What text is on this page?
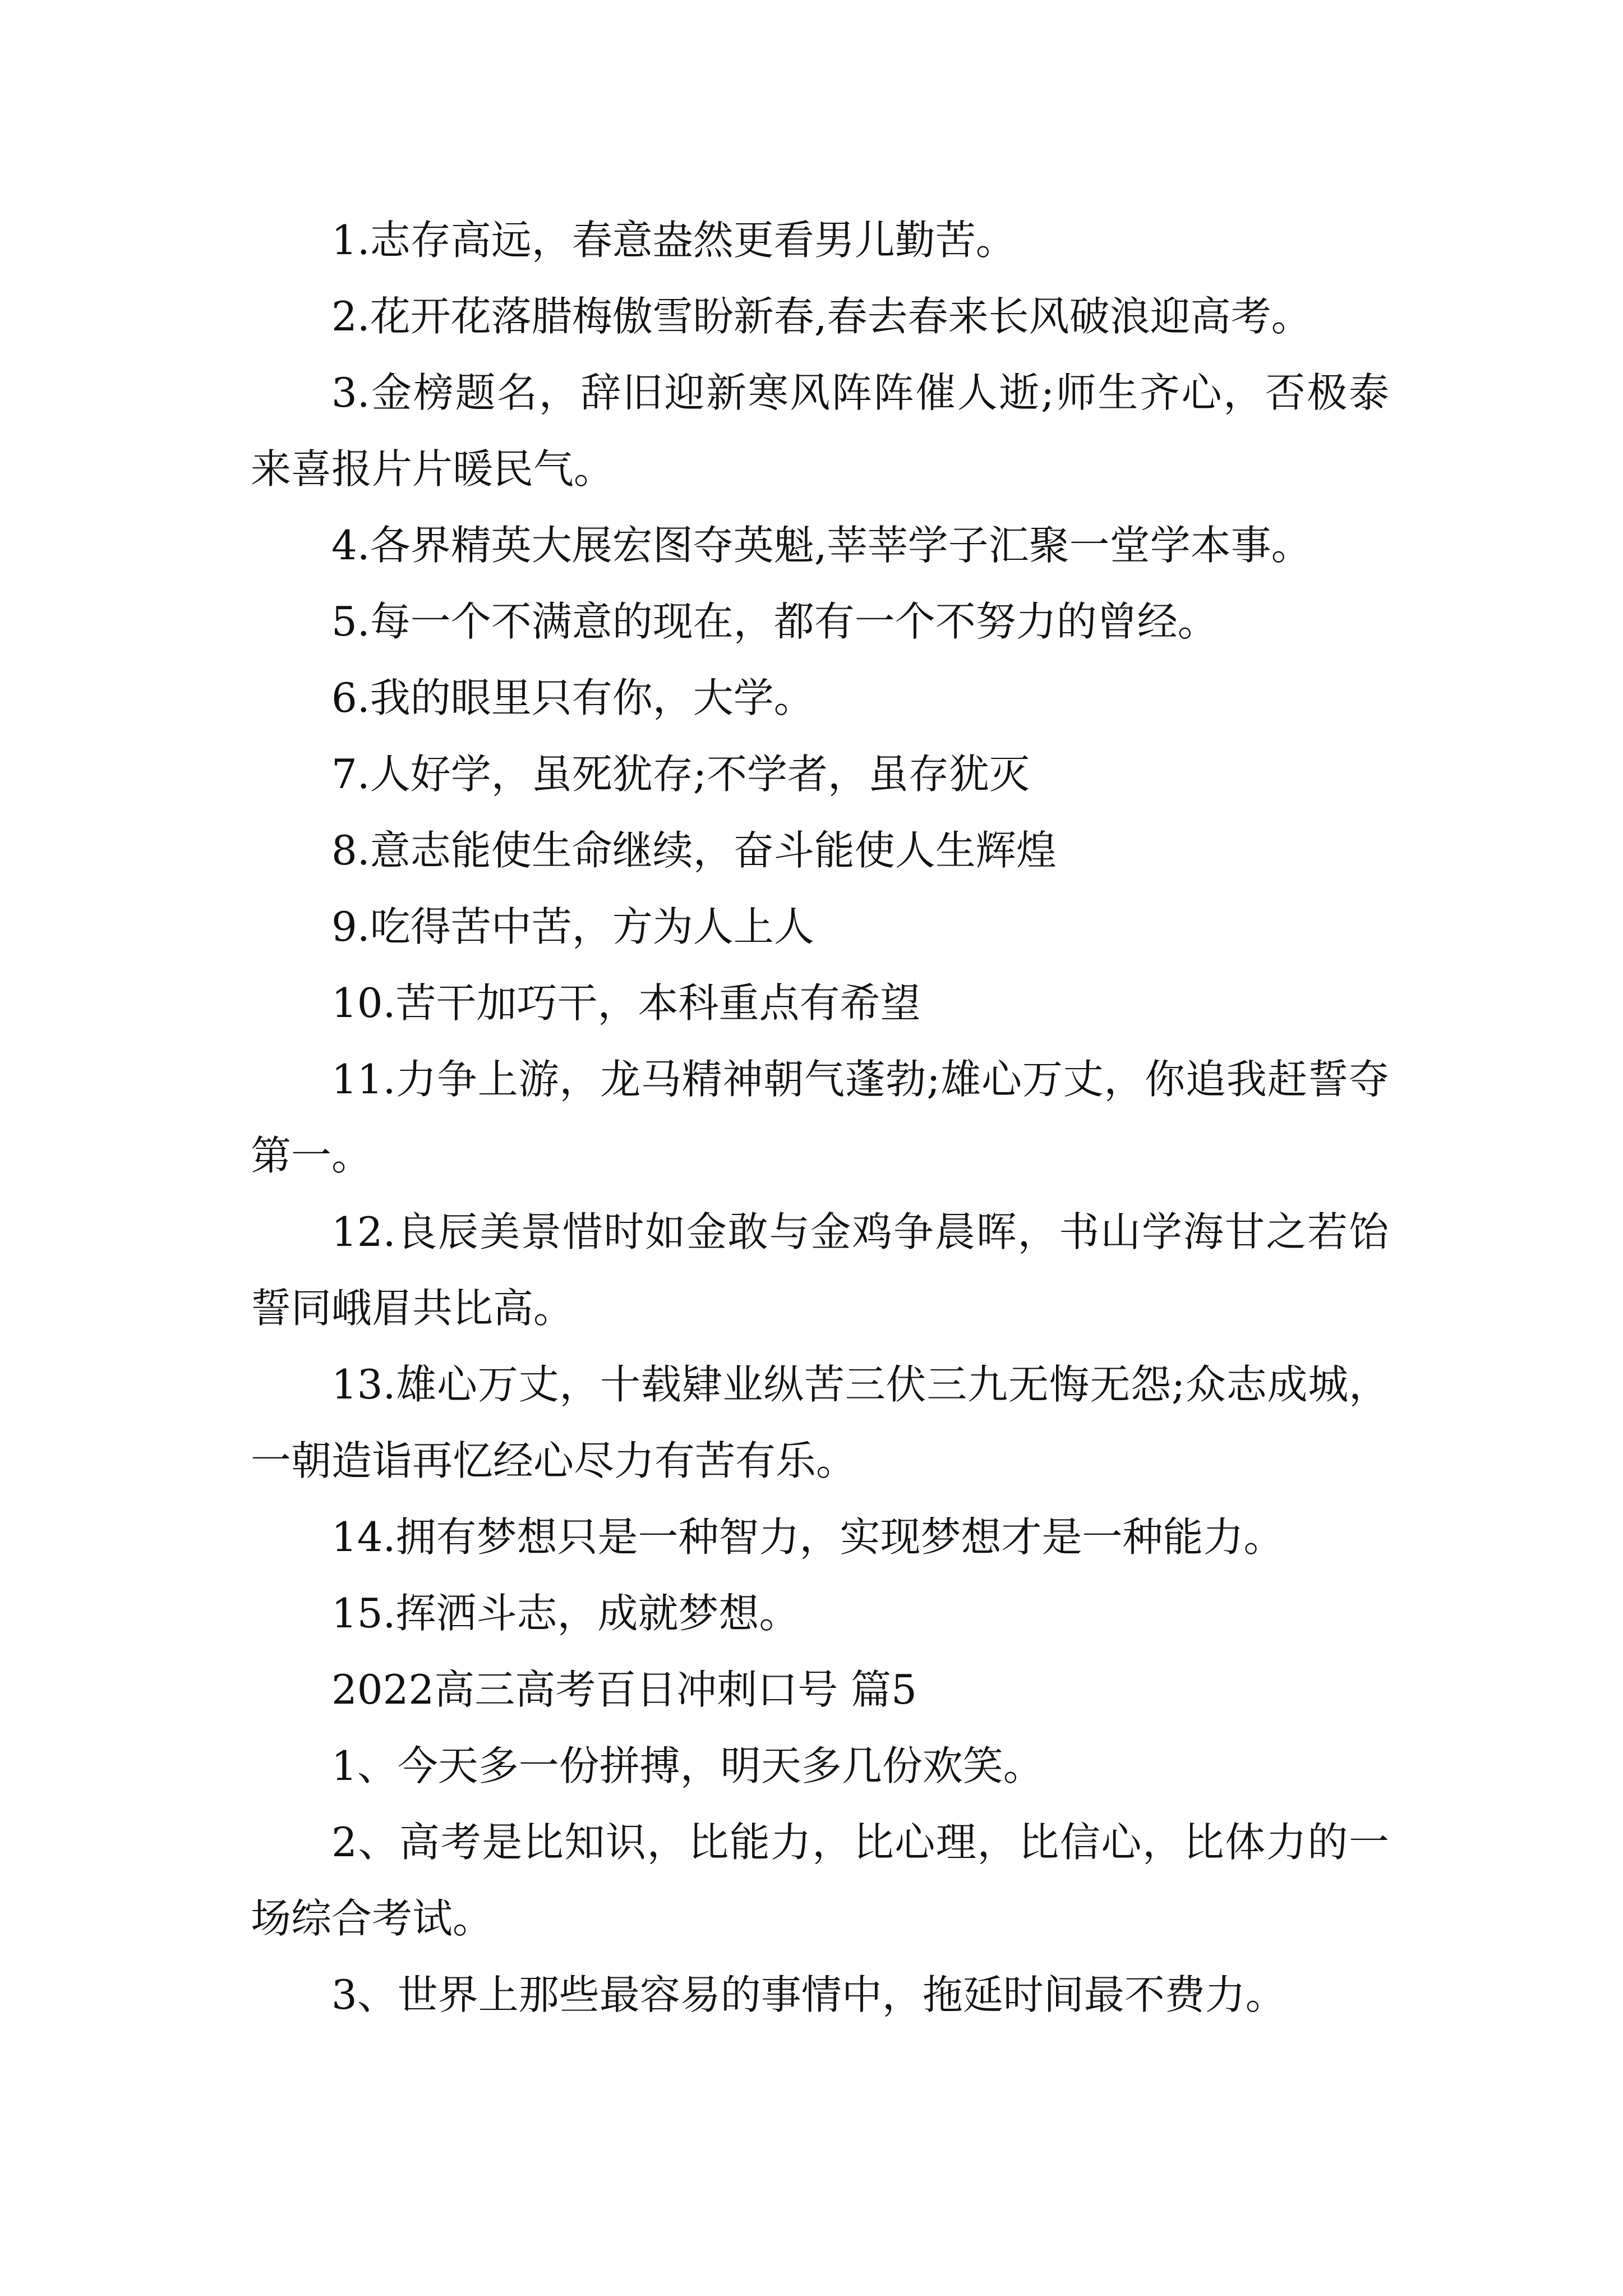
1.志存高远，春意盎然更看男儿勤苦。

2.花开花落腊梅傲雪盼新春,春去春来长风破浪迎高考。

3.金榜题名，辞旧迎新寒风阵阵催人逝;师生齐心，否极泰来喜报片片暖民气。

4.各界精英大展宏图夺英魁,莘莘学子汇聚一堂学本事。

5.每一个不满意的现在，都有一个不努力的曾经。

6.我的眼里只有你，大学。

7.人好学，虽死犹存;不学者，虽存犹灭

8.意志能使生命继续，奋斗能使人生辉煌

9.吃得苦中苦，方为人上人

10.苦干加巧干，本科重点有希望

11.力争上游，龙马精神朝气蓬勃;雄心万丈，你追我赶誓夺第一。

12.良辰美景惜时如金敢与金鸡争晨晖，书山学海甘之若饴誓同峨眉共比高。

13.雄心万丈，十载肄业纵苦三伏三九无悔无怨;众志成城，一朝造诣再忆经心尽力有苦有乐。

14.拥有梦想只是一种智力，实现梦想才是一种能力。

15.挥洒斗志，成就梦想。

2022高三高考百日冲刺口号 篇5

1、今天多一份拼搏，明天多几份欢笑。

2、高考是比知识，比能力，比心理，比信心，比体力的一场综合考试。

3、世界上那些最容易的事情中，拖延时间最不费力。
